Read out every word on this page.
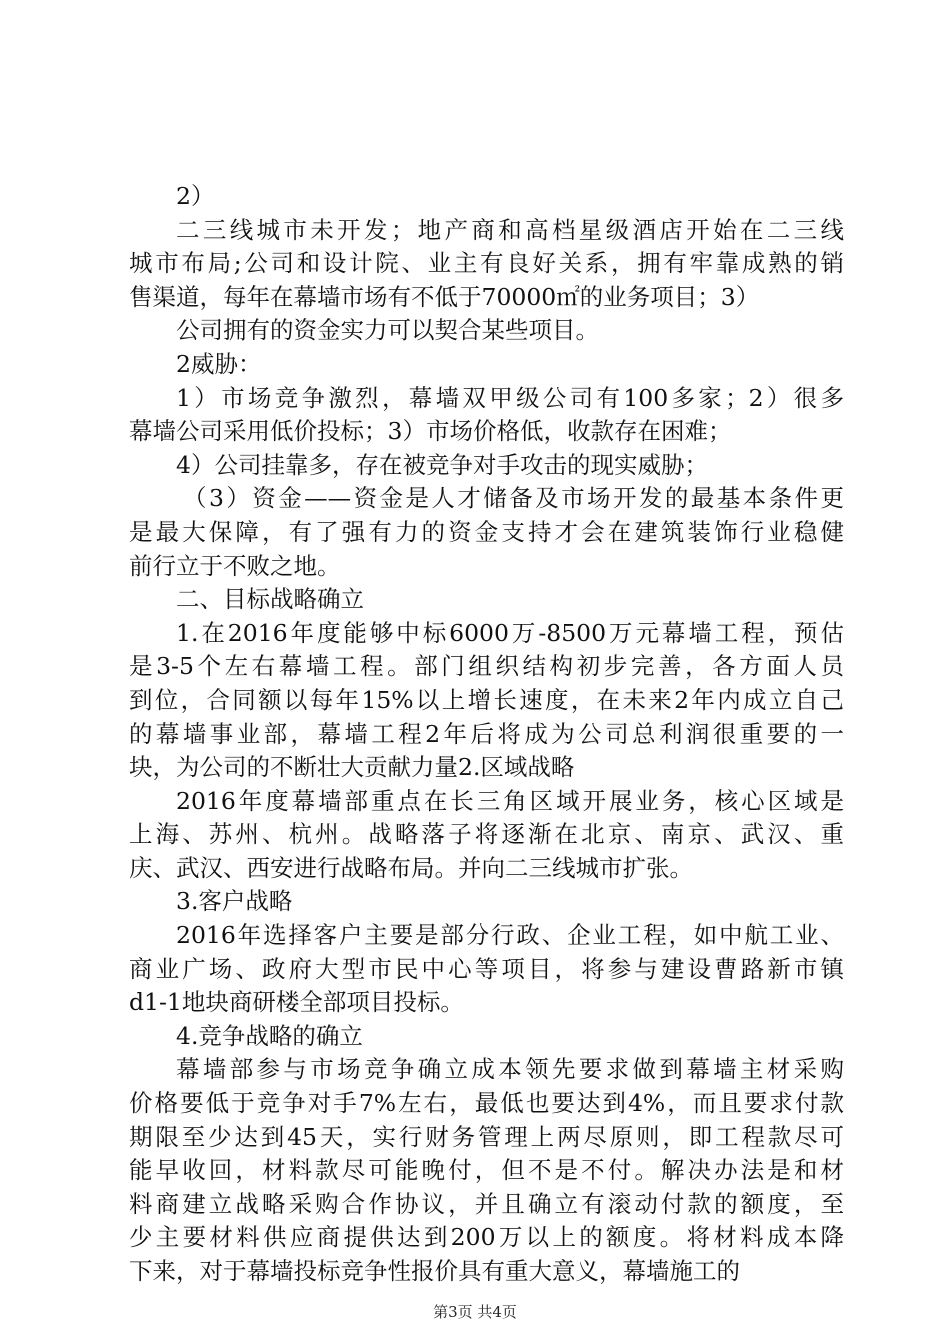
2）
二三线城市未开发；地产商和高档星级酒店开始在二三线
城市布局;公司和设计院、业主有良好关系，拥有牢靠成熟的销
售渠道，每年在幕墙市场有不低于70000㎡的业务项目；3）
公司拥有的资金实力可以契合某些项目。
2威胁：
1）市场竞争激烈，幕墙双甲级公司有100多家；2）很多
幕墙公司采用低价投标；3）市场价格低，收款存在困难；
4）公司挂靠多，存在被竞争对手攻击的现实威胁；
（3）资金——资金是人才储备及市场开发的最基本条件更
是最大保障，有了强有力的资金支持才会在建筑装饰行业稳健
前行立于不败之地。
二、目标战略确立
1.在2016年度能够中标6000万-8500万元幕墙工程，预估
是3-5个左右幕墙工程。部门组织结构初步完善，各方面人员
到位，合同额以每年15%以上增长速度，在未来2年内成立自己
的幕墙事业部，幕墙工程2年后将成为公司总利润很重要的一
块，为公司的不断壮大贡献力量2.区域战略
2016年度幕墙部重点在长三角区域开展业务，核心区域是
上海、苏州、杭州。战略落子将逐渐在北京、南京、武汉、重
庆、武汉、西安进行战略布局。并向二三线城市扩张。
3.客户战略
2016年选择客户主要是部分行政、企业工程，如中航工业、
商业广场、政府大型市民中心等项目，将参与建设曹路新市镇
d1-1地块商研楼全部项目投标。
4.竞争战略的确立
幕墙部参与市场竞争确立成本领先要求做到幕墙主材采购
价格要低于竞争对手7%左右，最低也要达到4%，而且要求付款
期限至少达到45天，实行财务管理上两尽原则，即工程款尽可
能早收回，材料款尽可能晚付，但不是不付。解决办法是和材
料商建立战略采购合作协议，并且确立有滚动付款的额度，至
少主要材料供应商提供达到200万以上的额度。将材料成本降
下来，对于幕墙投标竞争性报价具有重大意义，幕墙施工的
第3页 共4页
